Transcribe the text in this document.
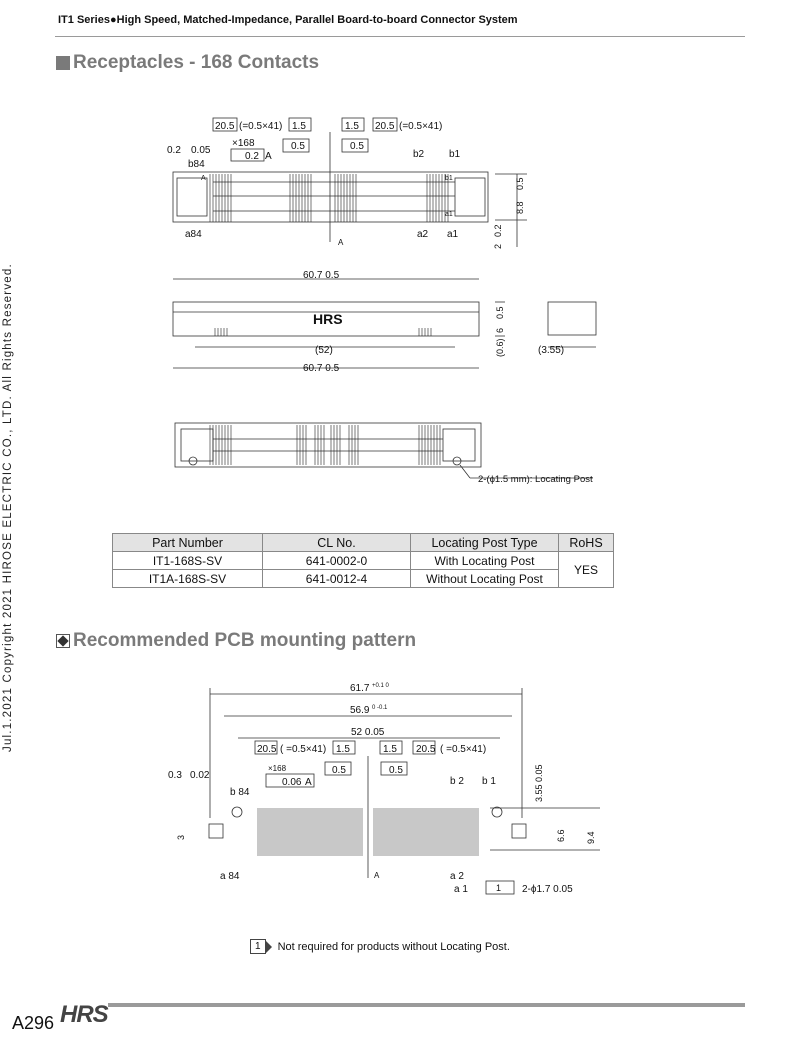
IT1 Series●High Speed, Matched-Impedance, Parallel Board-to-board Connector System
Receptacles - 168 Contacts
Jul.1.2021 Copyright 2021 HIROSE ELECTRIC CO., LTD. All Rights Reserved.
20.5 (=0.5×41) 1.5	1.5 20.5 (=0.5×41)
0.2 0.05
×168
0.2 A
0.5	0.5
b84
a84
b2 b1
a2 a1
A	b1
a1
A
0.5
8.8
0.2
2
60.7 0.5
HRS
(52)
60.7 0.5
0.5
6
(0.6)	(3.55)
2-(ϕ1.5 mm): Locating Post
Part Number	CL No.	Locating Post Type	RoHS
IT1-168S-SV	641-0002-0	With Locating Post	YES
IT1A-168S-SV	641-0012-4	Without Locating Post	
Recommended PCB mounting pattern
61.7 +0.1 0
56.9 0 -0.1
52 0.05
20.5 ( =0.5×41) 1.5	1.5 20.5 ( =0.5×41)
0.3 0.02
×168
0.06 A
0.5	0.5
b 84
a 84
b 2 b 1
a 2
a 1
A
3.55 0.05
6.6 9.4
3
1 2-ϕ1.7 0.05
1	Not required for products without Locating Post.
A296 HRS
